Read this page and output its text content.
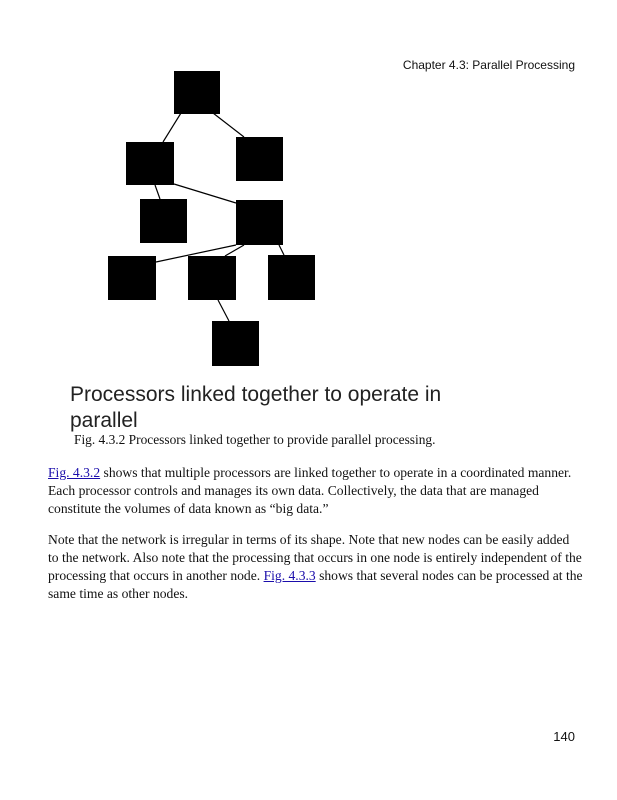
Chapter 4.3: Parallel Processing
Processors linked together to operate in parallel
Fig. 4.3.2 Processors linked together to provide parallel processing.

Fig. 4.3.2 shows that multiple processors are linked together to operate in a coordinated manner. Each processor controls and manages its own data. Collectively, the data that are managed constitute the volumes of data known as “big data.”

Note that the network is irregular in terms of its shape. Note that new nodes can be easily added to the network. Also note that the processing that occurs in one node is entirely independent of the processing that occurs in another node. Fig. 4.3.3 shows that several nodes can be processed at the same time as other nodes.

140
